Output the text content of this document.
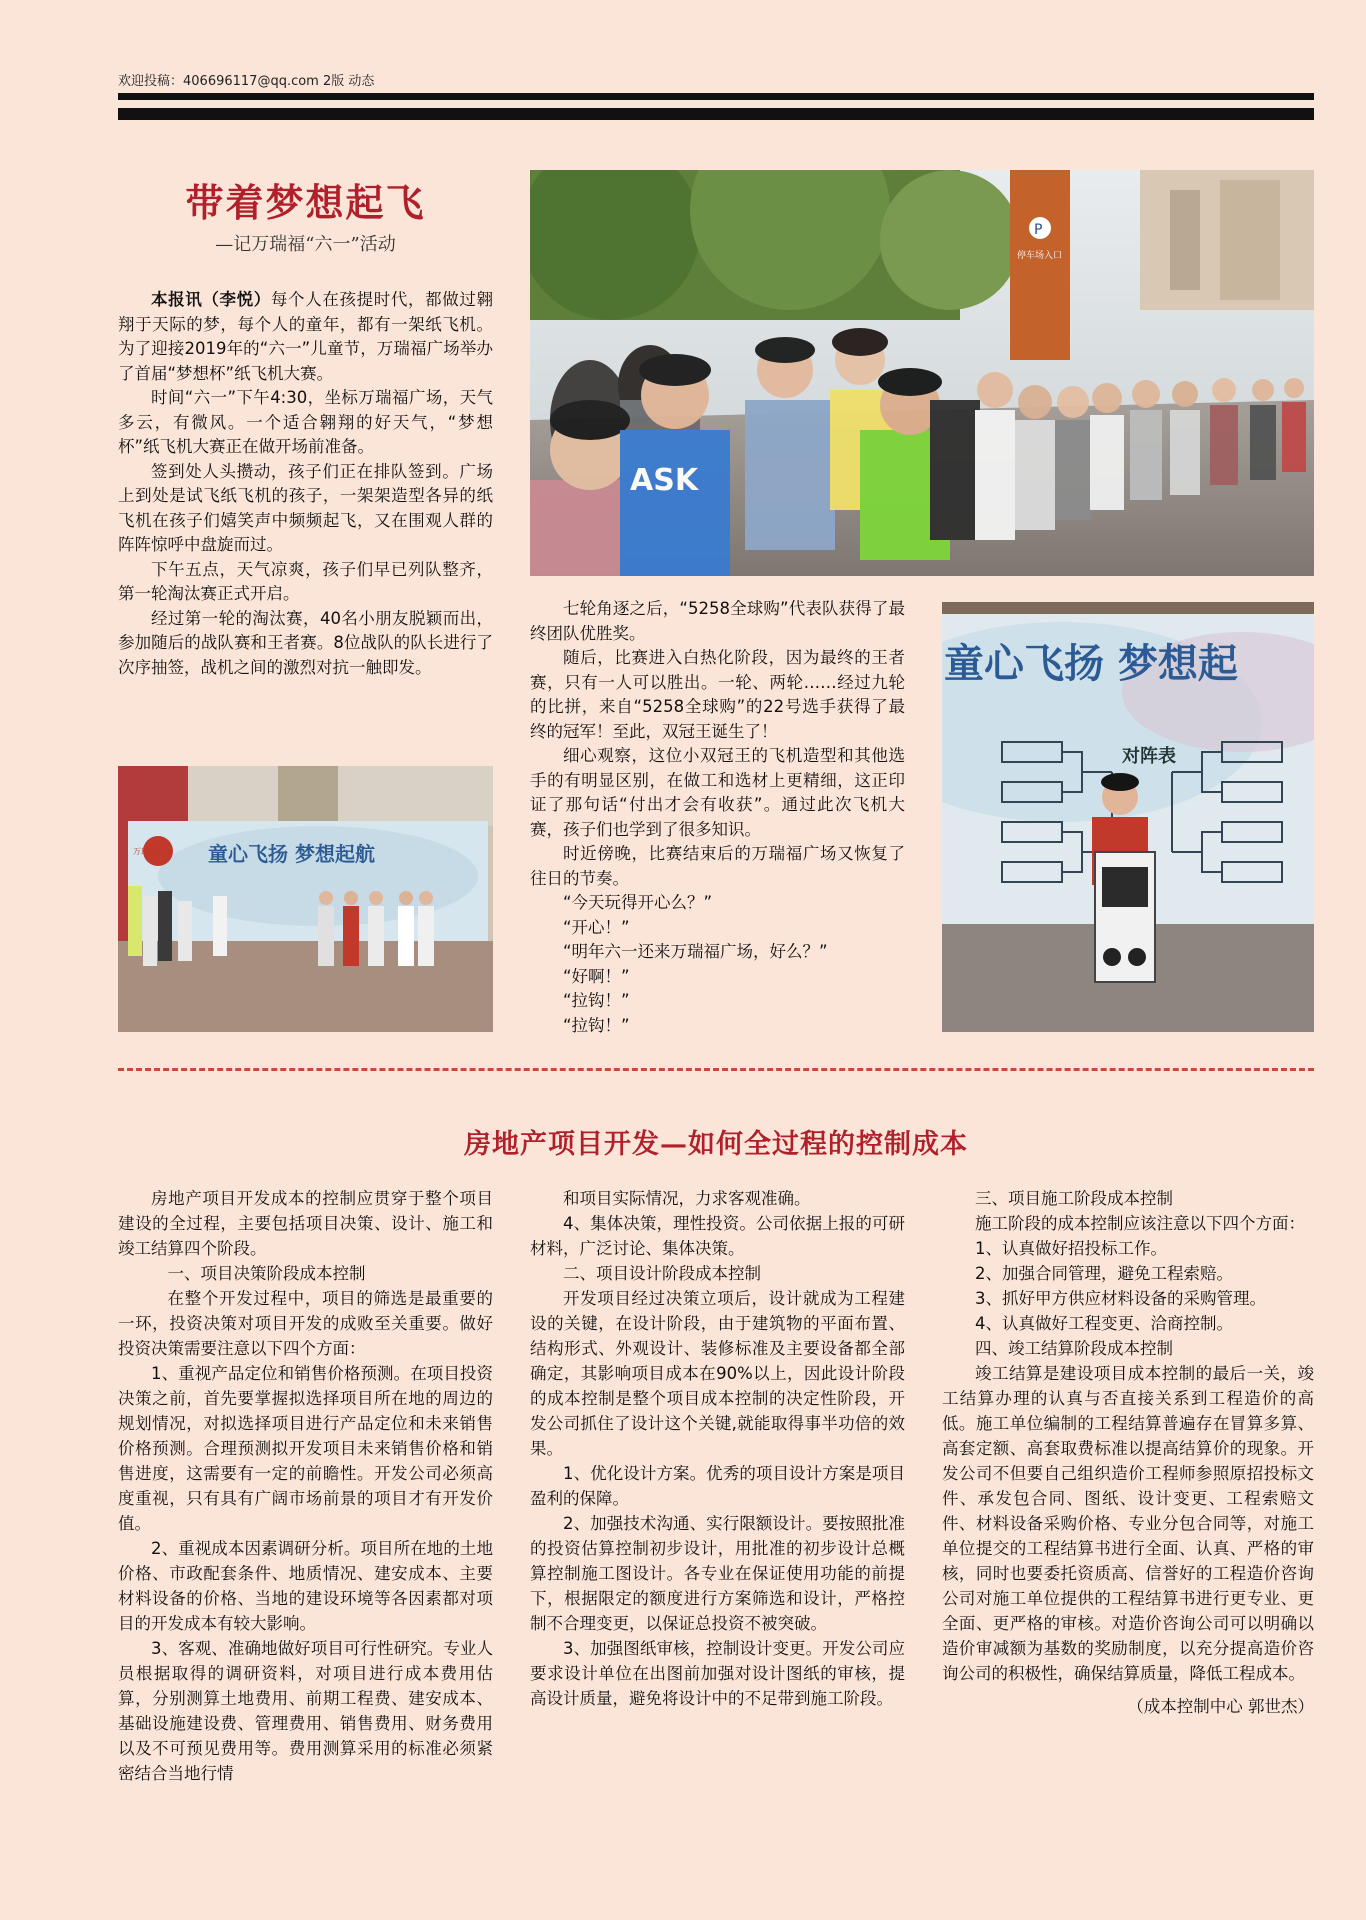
欢迎投稿：406696117@qq.com 2版 动态
带着梦想起飞
—记万瑞福“六一”活动

本报讯（李悦）每个人在孩提时代，都做过翱翔于天际的梦，每个人的童年，都有一架纸飞机。为了迎接2019年的“六一”儿童节，万瑞福广场举办了首届“梦想杯”纸飞机大赛。

时间“六一”下午4:30，坐标万瑞福广场，天气多云，有微风。一个适合翱翔的好天气，“梦想杯”纸飞机大赛正在做开场前准备。

签到处人头攒动，孩子们正在排队签到。广场上到处是试飞纸飞机的孩子，一架架造型各异的纸飞机在孩子们嬉笑声中频频起飞，又在围观人群的阵阵惊呼中盘旋而过。

下午五点，天气凉爽，孩子们早已列队整齐，第一轮淘汰赛正式开启。

经过第一轮的淘汰赛，40名小朋友脱颖而出，参加随后的战队赛和王者赛。8位战队的队长进行了次序抽签，战机之间的激烈对抗一触即发。

P
停车场入口
ASK

七轮角逐之后，“5258全球购”代表队获得了最终团队优胜奖。

随后，比赛进入白热化阶段，因为最终的王者赛，只有一人可以胜出。一轮、两轮……经过九轮的比拼，来自“5258全球购”的22号选手获得了最终的冠军！至此，双冠王诞生了！

细心观察，这位小双冠王的飞机造型和其他选手的有明显区别，在做工和选材上更精细，这正印证了那句话“付出才会有收获”。通过此次飞机大赛，孩子们也学到了很多知识。

时近傍晚，比赛结束后的万瑞福广场又恢复了往日的节奏。

“今天玩得开心么？”

“开心！”

“明年六一还来万瑞福广场，好么？”

“好啊！”

“拉钩！”

“拉钩！”

童心飞扬 梦想起
对阵表
万瑞福广场 童心飞扬 梦想起航
房地产项目开发—如何全过程的控制成本

房地产项目开发成本的控制应贯穿于整个项目建设的全过程，主要包括项目决策、设计、施工和竣工结算四个阶段。

一、项目决策阶段成本控制

在整个开发过程中，项目的筛选是最重要的一环，投资决策对项目开发的成败至关重要。做好投资决策需要注意以下四个方面：

1、重视产品定位和销售价格预测。在项目投资决策之前，首先要掌握拟选择项目所在地的周边的规划情况，对拟选择项目进行产品定位和未来销售价格预测。合理预测拟开发项目未来销售价格和销售进度，这需要有一定的前瞻性。开发公司必须高度重视，只有具有广阔市场前景的项目才有开发价值。

2、重视成本因素调研分析。项目所在地的土地价格、市政配套条件、地质情况、建安成本、主要材料设备的价格、当地的建设环境等各因素都对项目的开发成本有较大影响。

3、客观、准确地做好项目可行性研究。专业人员根据取得的调研资料，对项目进行成本费用估算，分别测算土地费用、前期工程费、建安成本、基础设施建设费、管理费用、销售费用、财务费用以及不可预见费用等。费用测算采用的标准必须紧密结合当地行情

和项目实际情况，力求客观准确。

4、集体决策，理性投资。公司依据上报的可研材料，广泛讨论、集体决策。

二、项目设计阶段成本控制

开发项目经过决策立项后，设计就成为工程建设的关键，在设计阶段，由于建筑物的平面布置、结构形式、外观设计、装修标准及主要设备都全部确定，其影响项目成本在90%以上，因此设计阶段的成本控制是整个项目成本控制的决定性阶段，开发公司抓住了设计这个关键,就能取得事半功倍的效果。

1、优化设计方案。优秀的项目设计方案是项目盈利的保障。

2、加强技术沟通、实行限额设计。要按照批准的投资估算控制初步设计，用批准的初步设计总概算控制施工图设计。各专业在保证使用功能的前提下，根据限定的额度进行方案筛选和设计，严格控制不合理变更，以保证总投资不被突破。

3、加强图纸审核，控制设计变更。开发公司应要求设计单位在出图前加强对设计图纸的审核，提高设计质量，避免将设计中的不足带到施工阶段。

三、项目施工阶段成本控制

施工阶段的成本控制应该注意以下四个方面：

1、认真做好招投标工作。

2、加强合同管理，避免工程索赔。

3、抓好甲方供应材料设备的采购管理。

4、认真做好工程变更、洽商控制。

四、竣工结算阶段成本控制

竣工结算是建设项目成本控制的最后一关，竣工结算办理的认真与否直接关系到工程造价的高低。施工单位编制的工程结算普遍存在冒算多算、高套定额、高套取费标准以提高结算价的现象。开发公司不但要自己组织造价工程师参照原招投标文件、承发包合同、图纸、设计变更、工程索赔文件、材料设备采购价格、专业分包合同等，对施工单位提交的工程结算书进行全面、认真、严格的审核，同时也要委托资质高、信誉好的工程造价咨询公司对施工单位提供的工程结算书进行更专业、更全面、更严格的审核。对造价咨询公司可以明确以造价审减额为基数的奖励制度，以充分提高造价咨询公司的积极性，确保结算质量，降低工程成本。

（成本控制中心 郭世杰）
